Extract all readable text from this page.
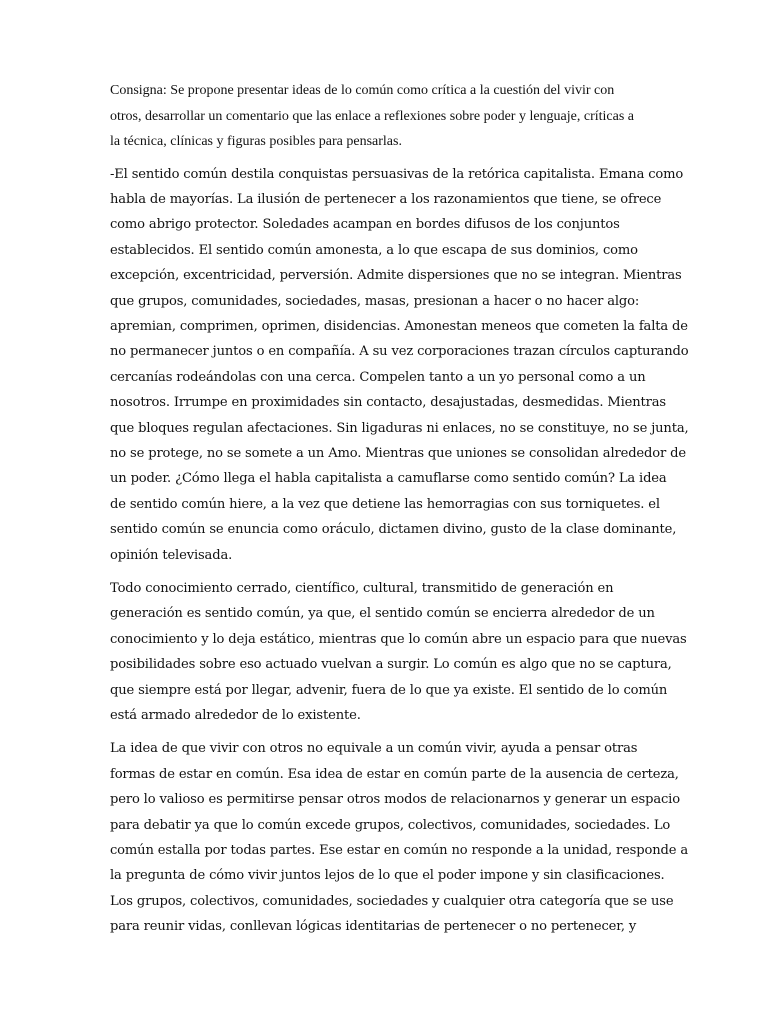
Consigna: Se propone presentar ideas de lo común como crítica a la cuestión del vivir con
otros, desarrollar un comentario que las enlace a reflexiones sobre poder y lenguaje, críticas a
la técnica, clínicas y figuras posibles para pensarlas.

-El sentido común destila conquistas persuasivas de la retórica capitalista. Emana como
habla de mayorías. La ilusión de pertenecer a los razonamientos que tiene, se ofrece
como abrigo protector. Soledades acampan en bordes difusos de los conjuntos
establecidos. El sentido común amonesta, a lo que escapa de sus dominios, como
excepción, excentricidad, perversión. Admite dispersiones que no se integran. Mientras
que grupos, comunidades, sociedades, masas, presionan a hacer o no hacer algo:
apremian, comprimen, oprimen, disidencias. Amonestan meneos que cometen la falta de
no permanecer juntos o en compañía. A su vez corporaciones trazan círculos capturando
cercanías rodeándolas con una cerca. Compelen tanto a un yo personal como a un
nosotros. Irrumpe en proximidades sin contacto, desajustadas, desmedidas. Mientras
que bloques regulan afectaciones. Sin ligaduras ni enlaces, no se constituye, no se junta,
no se protege, no se somete a un Amo. Mientras que uniones se consolidan alrededor de
un poder. ¿Cómo llega el habla capitalista a camuflarse como sentido común? La idea
de sentido común hiere, a la vez que detiene las hemorragias con sus torniquetes. el
sentido común se enuncia como oráculo, dictamen divino, gusto de la clase dominante,
opinión televisada.

Todo conocimiento cerrado, científico, cultural, transmitido de generación en
generación es sentido común, ya que, el sentido común se encierra alrededor de un
conocimiento y lo deja estático, mientras que lo común abre un espacio para que nuevas
posibilidades sobre eso actuado vuelvan a surgir. Lo común es algo que no se captura,
que siempre está por llegar, advenir, fuera de lo que ya existe. El sentido de lo común
está armado alrededor de lo existente.

La idea de que vivir con otros no equivale a un común vivir, ayuda a pensar otras
formas de estar en común. Esa idea de estar en común parte de la ausencia de certeza,
pero lo valioso es permitirse pensar otros modos de relacionarnos y generar un espacio
para debatir ya que lo común excede grupos, colectivos, comunidades, sociedades. Lo
común estalla por todas partes. Ese estar en común no responde a la unidad, responde a
la pregunta de cómo vivir juntos lejos de lo que el poder impone y sin clasificaciones.
Los grupos, colectivos, comunidades, sociedades y cualquier otra categoría que se use
para reunir vidas, conllevan lógicas identitarias de pertenecer o no pertenecer, y
